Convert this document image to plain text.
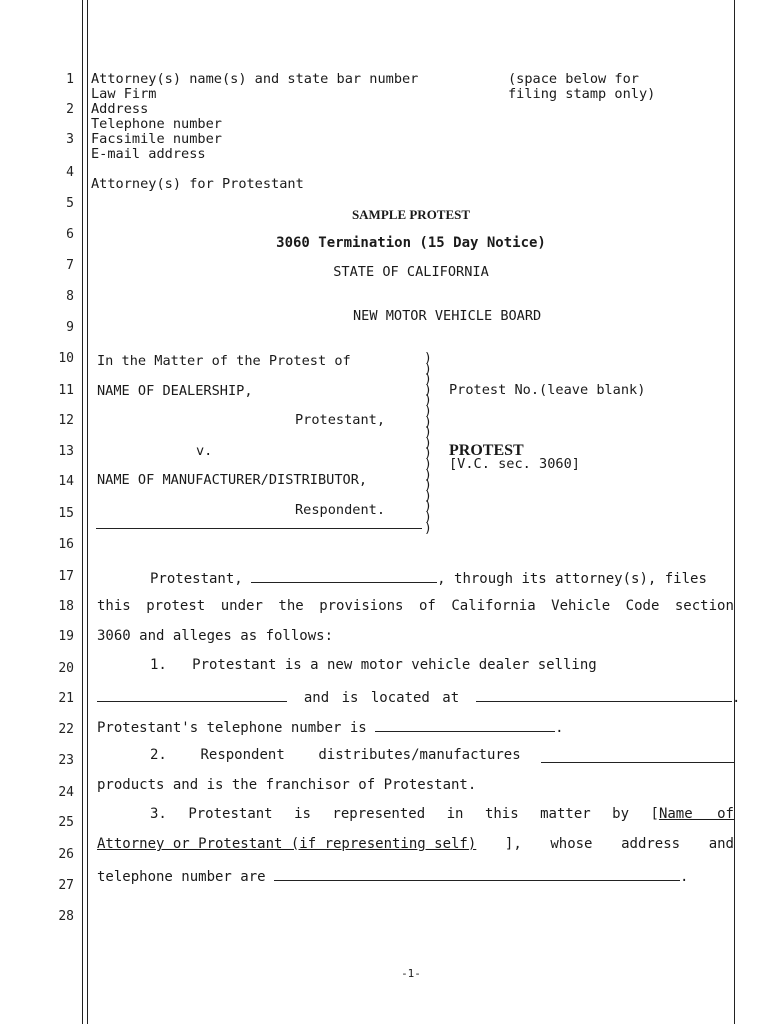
1
2
3
4
5
6
7
8
9
10
11
12
13
14
15
16
17
18
19
20
21
22
23
24
25
26
27
28
Attorney(s) name(s) and state bar number
Law Firm
Address
Telephone number
Facsimile number
E-mail address
Attorney(s) for Protestant
(space below for
filing stamp only)
SAMPLE PROTEST
3060 Termination (15 Day Notice)
STATE OF CALIFORNIA
NEW MOTOR VEHICLE BOARD
In the Matter of the Protest of
NAME OF DEALERSHIP,
Protestant,
v.
NAME OF MANUFACTURER/DISTRIBUTOR,
Respondent.
Protest No.(leave blank)
PROTEST
[V.C. sec. 3060]
)
)
)
)
)
)
)
)
)
)
)
)
)
)
)
)
)
Protestant,	, through its attorney(s), files
this protest under the provisions of California Vehicle Code section
3060 and alleges as follows:
1.   Protestant is a new motor vehicle dealer selling
and is located at	.
Protestant's telephone number is	.
2. Respondent distributes/manufactures
products and is the franchisor of Protestant.
3. Protestant is represented in this matter by [Name of
Attorney or Protestant (if representing self) ], whose address and
telephone number are	.
-1-
